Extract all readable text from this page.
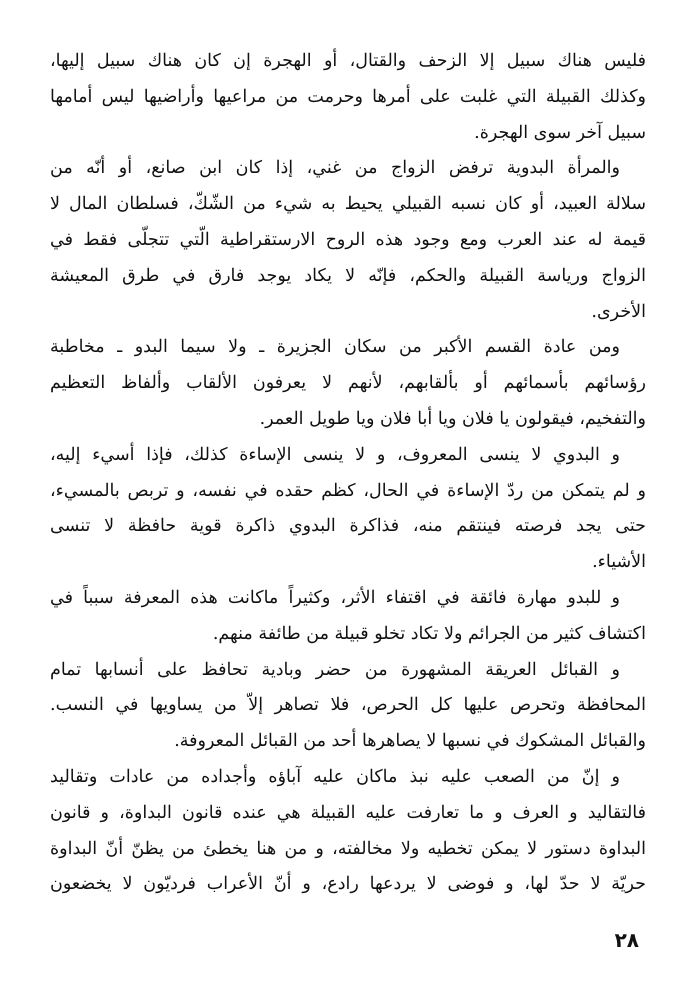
فليس هناك سبيل إلا الزحف والقتال، أو الهجرة إن كان هناك سبيل إليها،
وكذلك القبيلة التي غلبت على أمرها وحرمت من مراعيها وأراضيها ليس أمامها
سبيل آخر سوى الهجرة.
والمرأة البدوية ترفض الزواج من غني، إذا كان ابن صانع، أو أنّه من
سلالة العبيد، أو كان نسبه القبيلي يحيط به شيء من الشّكّ، فسلطان المال لا
قيمة له عند العرب ومع وجود هذه الروح الارستقراطية الّتي تتجلّى فقط في
الزواج ورياسة القبيلة والحكم، فإنّه لا يكاد يوجد فارق في طرق المعيشة
الأخرى.
ومن عادة القسم الأكبر من سكان الجزيرة ـ ولا سيما البدو ـ مخاطبة
رؤسائهم بأسمائهم أو بألقابهم، لأنهم لا يعرفون الألقاب وألفاظ التعظيم
والتفخيم، فيقولون يا فلان ويا أبا فلان ويا طويل العمر.
و البدوي لا ينسى المعروف، و لا ينسى الإساءة كذلك، فإذا أسيء إليه،
و لم يتمكن من ردّ الإساءة في الحال، كظم حقده في نفسه، و تربص بالمسيء،
حتى يجد فرصته فينتقم منه، فذاكرة البدوي ذاكرة قوية حافظة لا تنسى
الأشياء.
و للبدو مهارة فائقة في اقتفاء الأثر، وكثيراً ماكانت هذه المعرفة سبباً في
اكتشاف كثير من الجرائم ولا تكاد تخلو قبيلة من طائفة منهم.
و القبائل العريقة المشهورة من حضر وبادية تحافظ على أنسابها تمام
المحافظة وتحرص عليها كل الحرص، فلا تصاهر إلاّ من يساويها في النسب.
والقبائل المشكوك في نسبها لا يصاهرها أحد من القبائل المعروفة.
و إنّ من الصعب عليه نبذ ماكان عليه آباؤه وأجداده من عادات وتقاليد
فالتقاليد و العرف و ما تعارفت عليه القبيلة هي عنده قانون البداوة، و قانون
البداوة دستور لا يمكن تخطيه ولا مخالفته، و من هنا يخطئ من يظنّ أنّ البداوة
حريّة لا حدّ لها، و فوضى لا يردعها رادع، و أنّ الأعراب فرديّون لا يخضعون
٢٨
